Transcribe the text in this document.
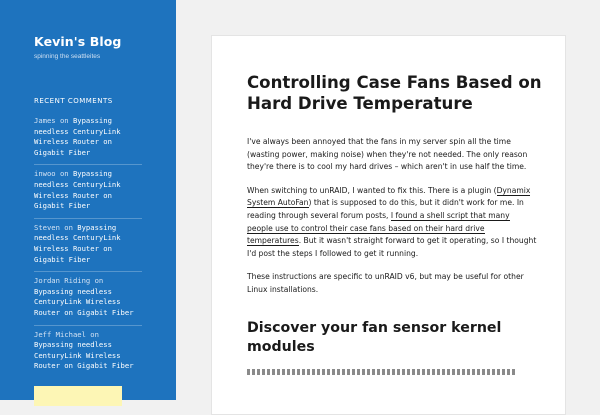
Kevin's Blog
spinning the seattleites
RECENT COMMENTS
James on Bypassing needless CenturyLink Wireless Router on Gigabit Fiber
inwoo on Bypassing needless CenturyLink Wireless Router on Gigabit Fiber
Steven on Bypassing needless CenturyLink Wireless Router on Gigabit Fiber
Jordan Riding on Bypassing needless CenturyLink Wireless Router on Gigabit Fiber
Jeff Michael on Bypassing needless CenturyLink Wireless Router on Gigabit Fiber
Controlling Case Fans Based on Hard Drive Temperature

I've always been annoyed that the fans in my server spin all the time (wasting power, making noise) when they're not needed. The only reason they're there is to cool my hard drives – which aren't in use half the time.

When switching to unRAID, I wanted to fix this. There is a plugin (Dynamix System AutoFan) that is supposed to do this, but it didn't work for me. In reading through several forum posts, I found a shell script that many people use to control their case fans based on their hard drive temperatures. But it wasn't straight forward to get it operating, so I thought I'd post the steps I followed to get it running.

These instructions are specific to unRAID v6, but may be useful for other Linux installations.

Discover your fan sensor kernel modules
